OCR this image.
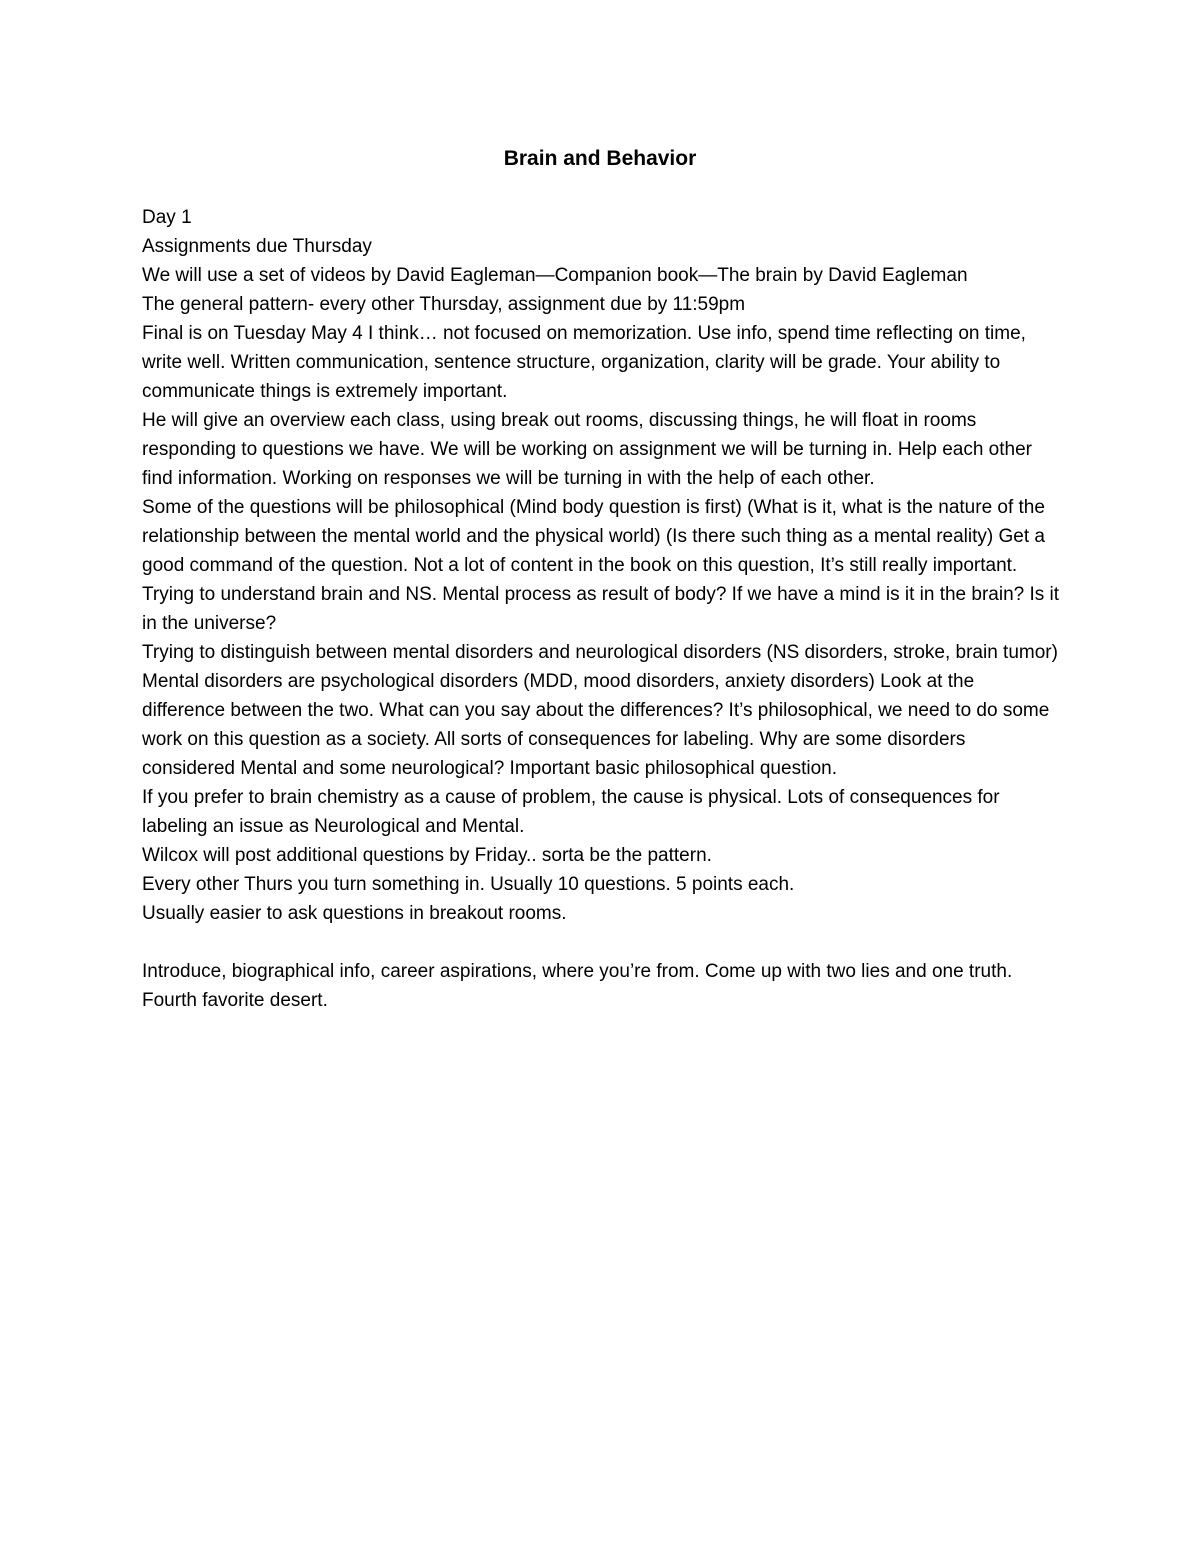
Brain and Behavior

Day 1

Assignments due Thursday

We will use a set of videos by David Eagleman—Companion book—The brain by David Eagleman

The general pattern- every other Thursday, assignment due by 11:59pm

Final is on Tuesday May 4 I think… not focused on memorization. Use info, spend time reflecting on time, write well. Written communication, sentence structure, organization, clarity will be grade. Your ability to communicate things is extremely important.

He will give an overview each class, using break out rooms, discussing things, he will float in rooms responding to questions we have. We will be working on assignment we will be turning in. Help each other find information. Working on responses we will be turning in with the help of each other.

Some of the questions will be philosophical (Mind body question is first) (What is it, what is the nature of the relationship between the mental world and the physical world) (Is there such thing as a mental reality) Get a good command of the question. Not a lot of content in the book on this question, It’s still really important. Trying to understand brain and NS. Mental process as result of body? If we have a mind is it in the brain? Is it in the universe?

Trying to distinguish between mental disorders and neurological disorders (NS disorders, stroke, brain tumor) Mental disorders are psychological disorders (MDD, mood disorders, anxiety disorders) Look at the difference between the two. What can you say about the differences? It’s philosophical, we need to do some work on this question as a society. All sorts of consequences for labeling. Why are some disorders considered Mental and some neurological? Important basic philosophical question.

If you prefer to brain chemistry as a cause of problem, the cause is physical. Lots of consequences for labeling an issue as Neurological and Mental.

Wilcox will post additional questions by Friday.. sorta be the pattern.

Every other Thurs you turn something in. Usually 10 questions. 5 points each.

Usually easier to ask questions in breakout rooms.

Introduce, biographical info, career aspirations, where you’re from. Come up with two lies and one truth. Fourth favorite desert.
